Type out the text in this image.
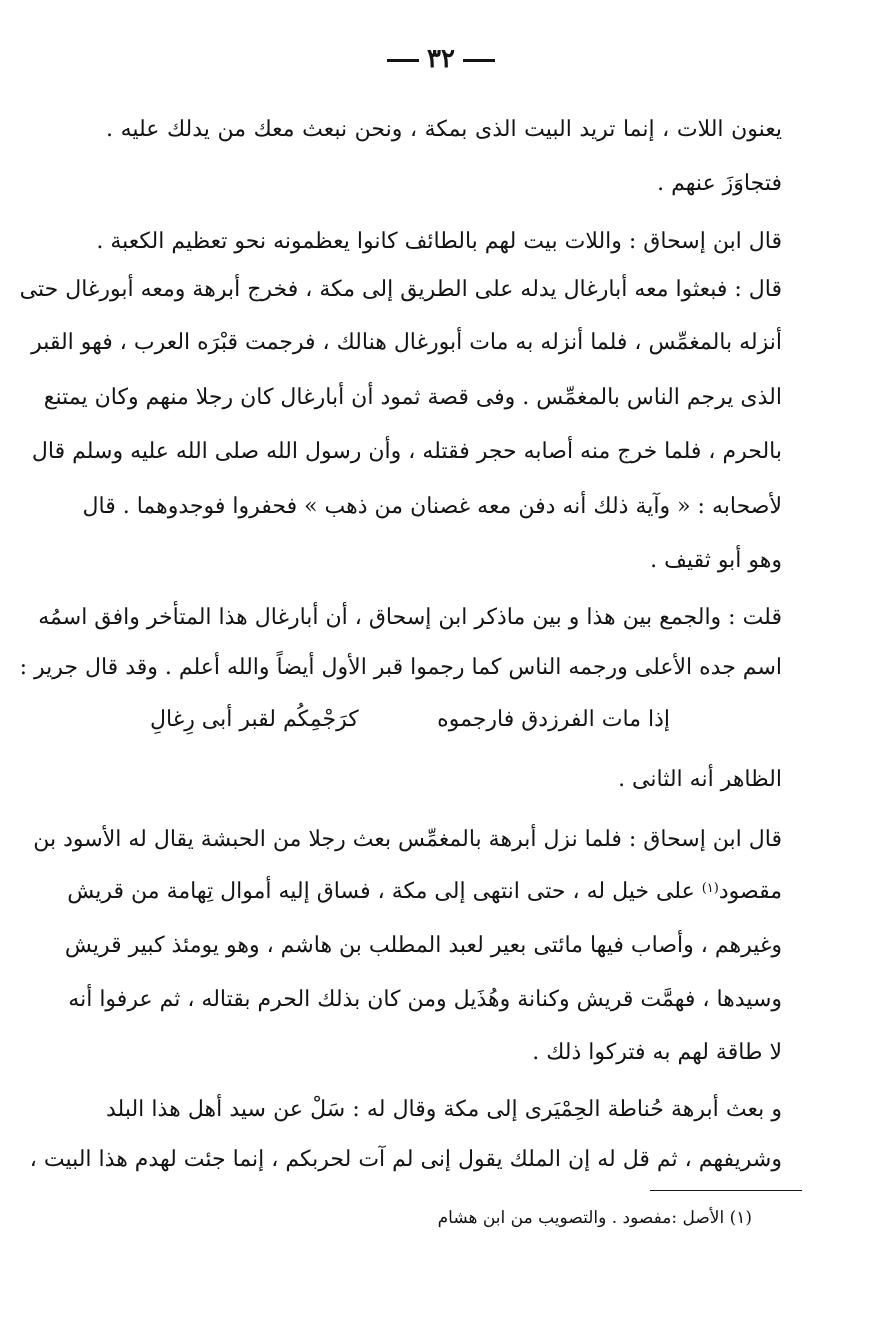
٣٢
يعنون اللات ، إنما تريد البيت الذى بمكة ، ونحن نبعث معك من يدلك عليه .
فتجاوَزَ عنهم .
قال ابن إسحاق : واللات بيت لهم بالطائف كانوا يعظمونه نحو تعظيم الكعبة .
قال : فبعثوا معه أبارغال يدله على الطريق إلى مكة ، فخرج أبرهة ومعه أبورغال حتى
أنزله بالمغمِّس ، فلما أنزله به مات أبورغال هنالك ، فرجمت قبْرَه العرب ، فهو القبر
الذى يرجم الناس بالمغمِّس . وفى قصة ثمود أن أبارغال كان رجلا منهم وكان يمتنع
بالحرم ، فلما خرج منه أصابه حجر فقتله ، وأن رسول الله صلى الله عليه وسلم قال
لأصحابه : « وآية ذلك أنه دفن معه غصنان من ذهب » فحفروا فوجدوهما . قال
وهو أبو ثقيف .
قلت : والجمع بين هذا و بين ماذكر ابن إسحاق ، أن أبارغال هذا المتأخر وافق اسمُه
اسم جده الأعلى ورجمه الناس كما رجموا قبر الأول أيضاً والله أعلم . وقد قال جرير :
إذا مات الفرزدق فارجموه
كرَجْمِكُم لقبر أبى رِغالِ
الظاهر أنه الثانى .
قال ابن إسحاق : فلما نزل أبرهة بالمغمِّس بعث رجلا من الحبشة يقال له الأسود بن
مقصود$^{(١)}$ على خيل له ، حتى انتهى إلى مكة ، فساق إليه أموال تِهامة من قريش
وغيرهم ، وأصاب فيها مائتى بعير لعبد المطلب بن هاشم ، وهو يومئذ كبير قريش
وسيدها ، فهمَّت قريش وكنانة وهُذَيل ومن كان بذلك الحرم بقتاله ، ثم عرفوا أنه
لا طاقة لهم به فتركوا ذلك .
و بعث أبرهة حُناطة الحِمْيَرى إلى مكة وقال له : سَلْ عن سيد أهل هذا البلد
وشريفهم ، ثم قل له إن الملك يقول إنى لم آت لحربكم ، إنما جئت لهدم هذا البيت ،
(١) الأصل :مفصود . والتصويب من ابن هشام
